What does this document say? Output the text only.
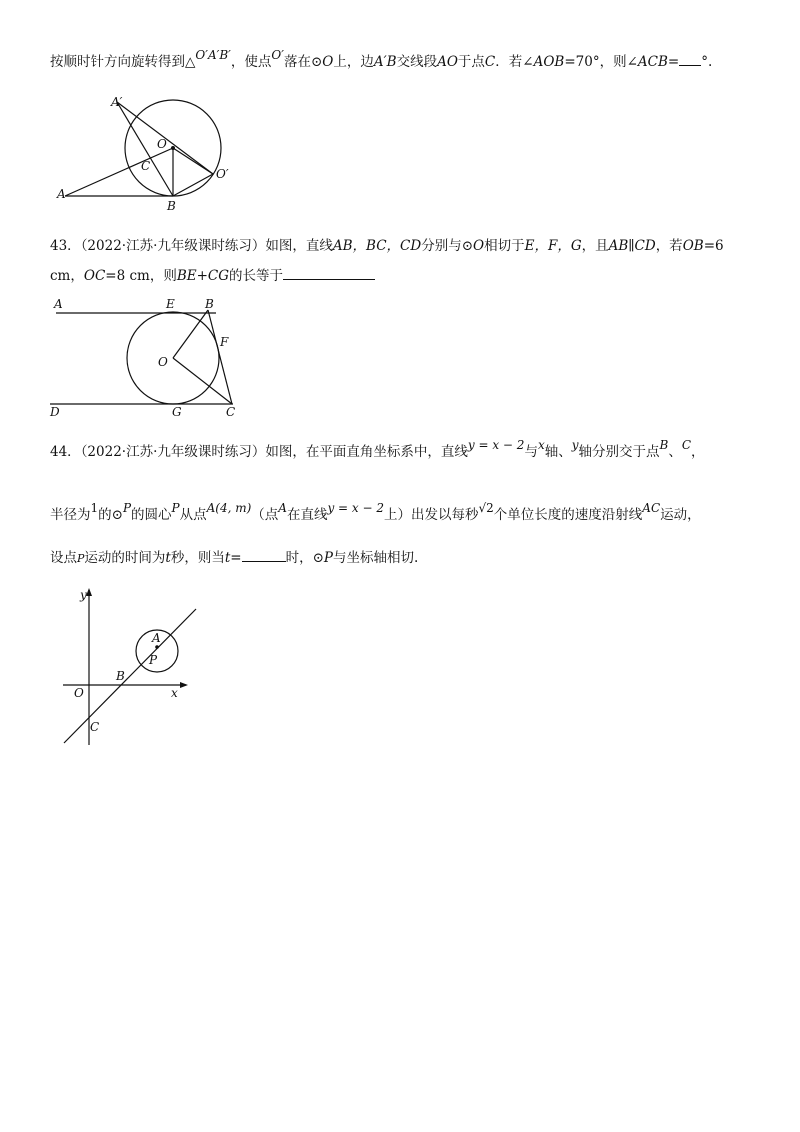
按顺时针方向旋转得到△O′A′B′，使点O′落在⊙O上，边A′B交线段AO于点C．若∠AOB=70°，则∠ACB= °.
A′
A
O
C
B
O′
43．（2022·江苏·九年级课时练习）如图，直线AB，BC，CD分别与⊙O相切于E，F，G，且AB∥CD，若OB=6
cm，OC=8 cm，则BE+CG的长等于
A	E	B
F
O
D	G	C
44．（2022·江苏·九年级课时练习）如图，在平面直角坐标系中，直线y = x − 2与x轴、y轴分别交于点B、C，
半径为1的⊙P的圆心P从点A(4, m)（点A在直线y = x − 2上）出发以每秒√2个单位长度的速度沿射线AC运动，
设点P运动的时间为t秒，则当t=	时，⊙P与坐标轴相切.
y
A
P
B
O	x
C
